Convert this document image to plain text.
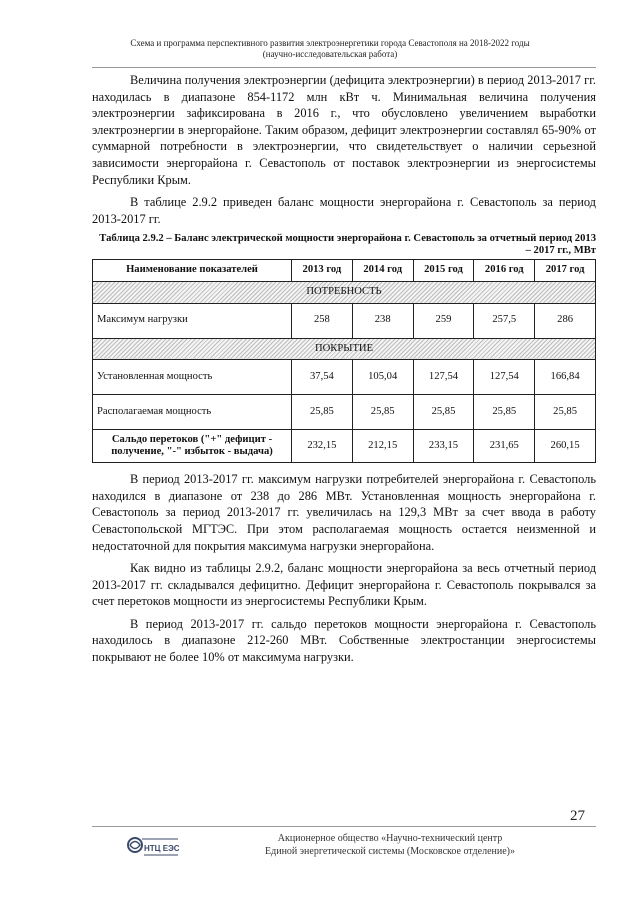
Схема и программа перспективного развития электроэнергетики города Севастополя на 2018-2022 годы
(научно-исследовательская работа)

Величина получения электроэнергии (дефицита электроэнергии) в период 2013-2017 гг. находилась в диапазоне 854-1172 млн кВт ч. Минимальная величина получения электроэнергии зафиксирована в 2016 г., что обусловлено увеличением выработки электроэнергии в энергорайоне. Таким образом, дефицит электроэнергии составлял 65-90% от суммарной потребности в электроэнергии, что свидетельствует о наличии серьезной зависимости энергорайона г. Севастополь от поставок электроэнергии из энергосистемы Республики Крым.

В таблице 2.9.2 приведен баланс мощности энергорайона г. Севастополь за период 2013-2017 гг.

Таблица 2.9.2 – Баланс электрической мощности энергорайона г. Севастополь за отчетный период 2013 – 2017 гг., МВт

Наименование показателей	2013 год	2014 год	2015 год	2016 год	2017 год
ПОТРЕБНОСТЬ					
Максимум нагрузки	258	238	259	257,5	286
ПОКРЫТИЕ					
Установленная мощность	37,54	105,04	127,54	127,54	166,84
Располагаемая мощность	25,85	25,85	25,85	25,85	25,85
Сальдо перетоков ("+" дефицит - получение, "-" избыток - выдача)	232,15	212,15	233,15	231,65	260,15

В период 2013-2017 гг. максимум нагрузки потребителей энергорайона г. Севастополь находился в диапазоне от 238 до 286 МВт. Установленная мощность энергорайона г. Севастополь за период 2013-2017 гг. увеличилась на 129,3 МВт за счет ввода в работу Севастопольской МГТЭС. При этом располагаемая мощность остается неизменной и недостаточной для покрытия максимума нагрузки энергорайона.

Как видно из таблицы 2.9.2, баланс мощности энергорайона за весь отчетный период 2013-2017 гг. складывался дефицитно. Дефицит энергорайона г. Севастополь покрывался за счет перетоков мощности из энергосистемы Республики Крым.

В период 2013-2017 гг. сальдо перетоков мощности энергорайона г. Севастополь находилось в диапазоне 212-260 МВт. Собственные электростанции энергосистемы покрывают не более 10% от максимума нагрузки.

27
НТЦ ЕЭС
Акционерное общество «Научно-технический центр
Единой энергетической системы (Московское отделение)»
